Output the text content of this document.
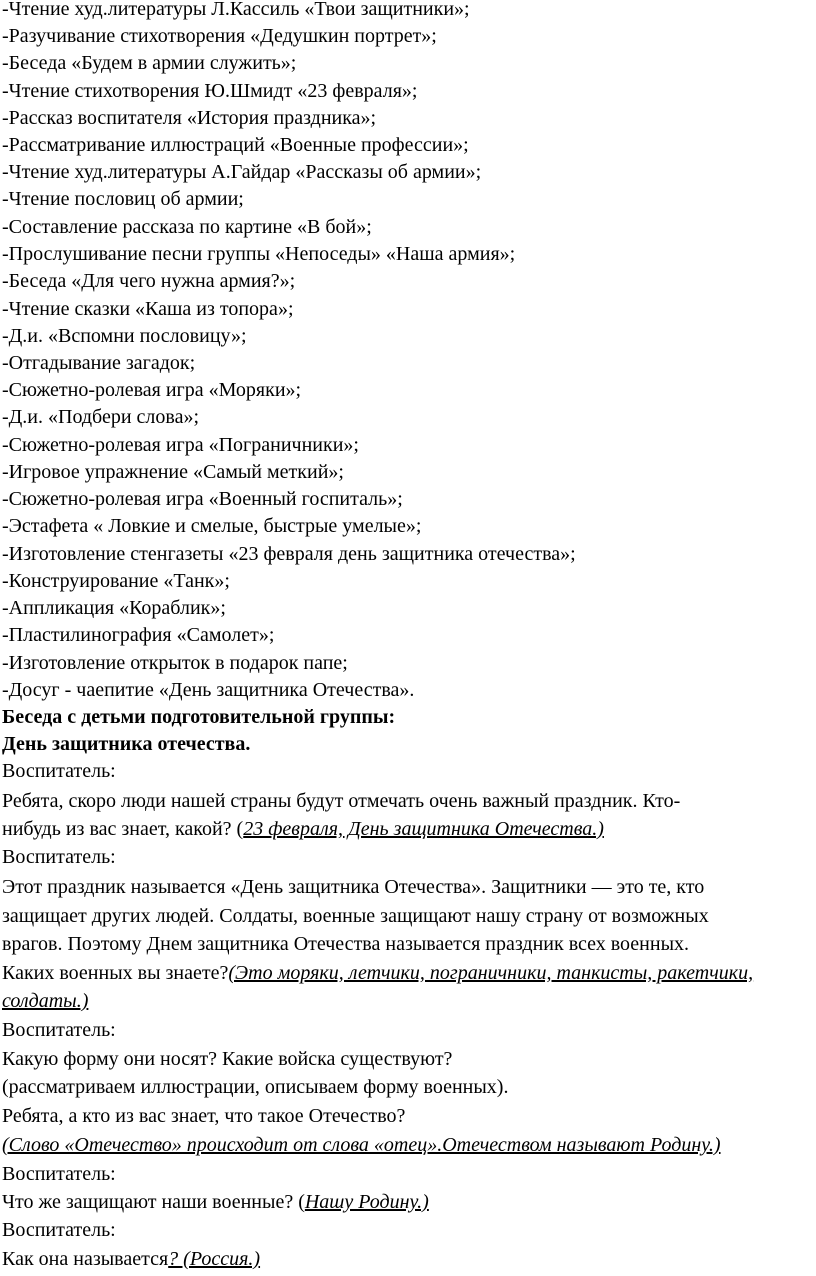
-Чтение худ.литературы Л.Кассиль «Твои защитники»;

-Разучивание стихотворения «Дедушкин портрет»;

-Беседа «Будем в армии служить»;

-Чтение стихотворения Ю.Шмидт «23 февраля»;

-Рассказ воспитателя «История праздника»;

-Рассматривание иллюстраций «Военные профессии»;

-Чтение худ.литературы А.Гайдар «Рассказы об армии»;

-Чтение пословиц об армии;

-Составление рассказа по картине «В бой»;

-Прослушивание песни группы «Непоседы» «Наша армия»;

-Беседа «Для чего нужна армия?»;

-Чтение сказки «Каша из топора»;

-Д.и. «Вспомни пословицу»;

-Отгадывание загадок;

-Сюжетно-ролевая игра «Моряки»;

-Д.и. «Подбери слова»;

-Сюжетно-ролевая игра «Пограничники»;

-Игровое упражнение «Самый меткий»;

-Сюжетно-ролевая игра «Военный госпиталь»;

-Эстафета « Ловкие и смелые, быстрые умелые»;

-Изготовление стенгазеты «23 февраля день защитника отечества»;

-Конструирование «Танк»;

-Аппликация «Кораблик»;

-Пластилинография «Самолет»;

-Изготовление открыток в подарок папе;

-Досуг - чаепитие «День защитника Отечества».

Беседа с детьми подготовительной группы:

День защитника отечества.

Воспитатель:

Ребята, скоро люди нашей страны будут отмечать очень важный праздник. Кто-

нибудь из вас знает, какой? (23 февраля, День защитника Отечества.)

Воспитатель:

Этот праздник называется «День защитника Отечества». Защитники — это те, кто

защищает других людей. Солдаты, военные защищают нашу страну от возможных

врагов. Поэтому Днем защитника Отечества называется праздник всех военных.

Каких военных вы знаете?(Это моряки, летчики, пограничники, танкисты, ракетчики,

солдаты.)

Воспитатель:

Какую форму они носят? Какие войска существуют?

(рассматриваем иллюстрации, описываем форму военных).

Ребята, а кто из вас знает, что такое Отечество?

(Слово «Отечество» происходит от слова «отец».Отечеством называют Родину.)

Воспитатель:

Что же защищают наши военные? (Нашу Родину.)

Воспитатель:

Как она называется? (Россия.)
